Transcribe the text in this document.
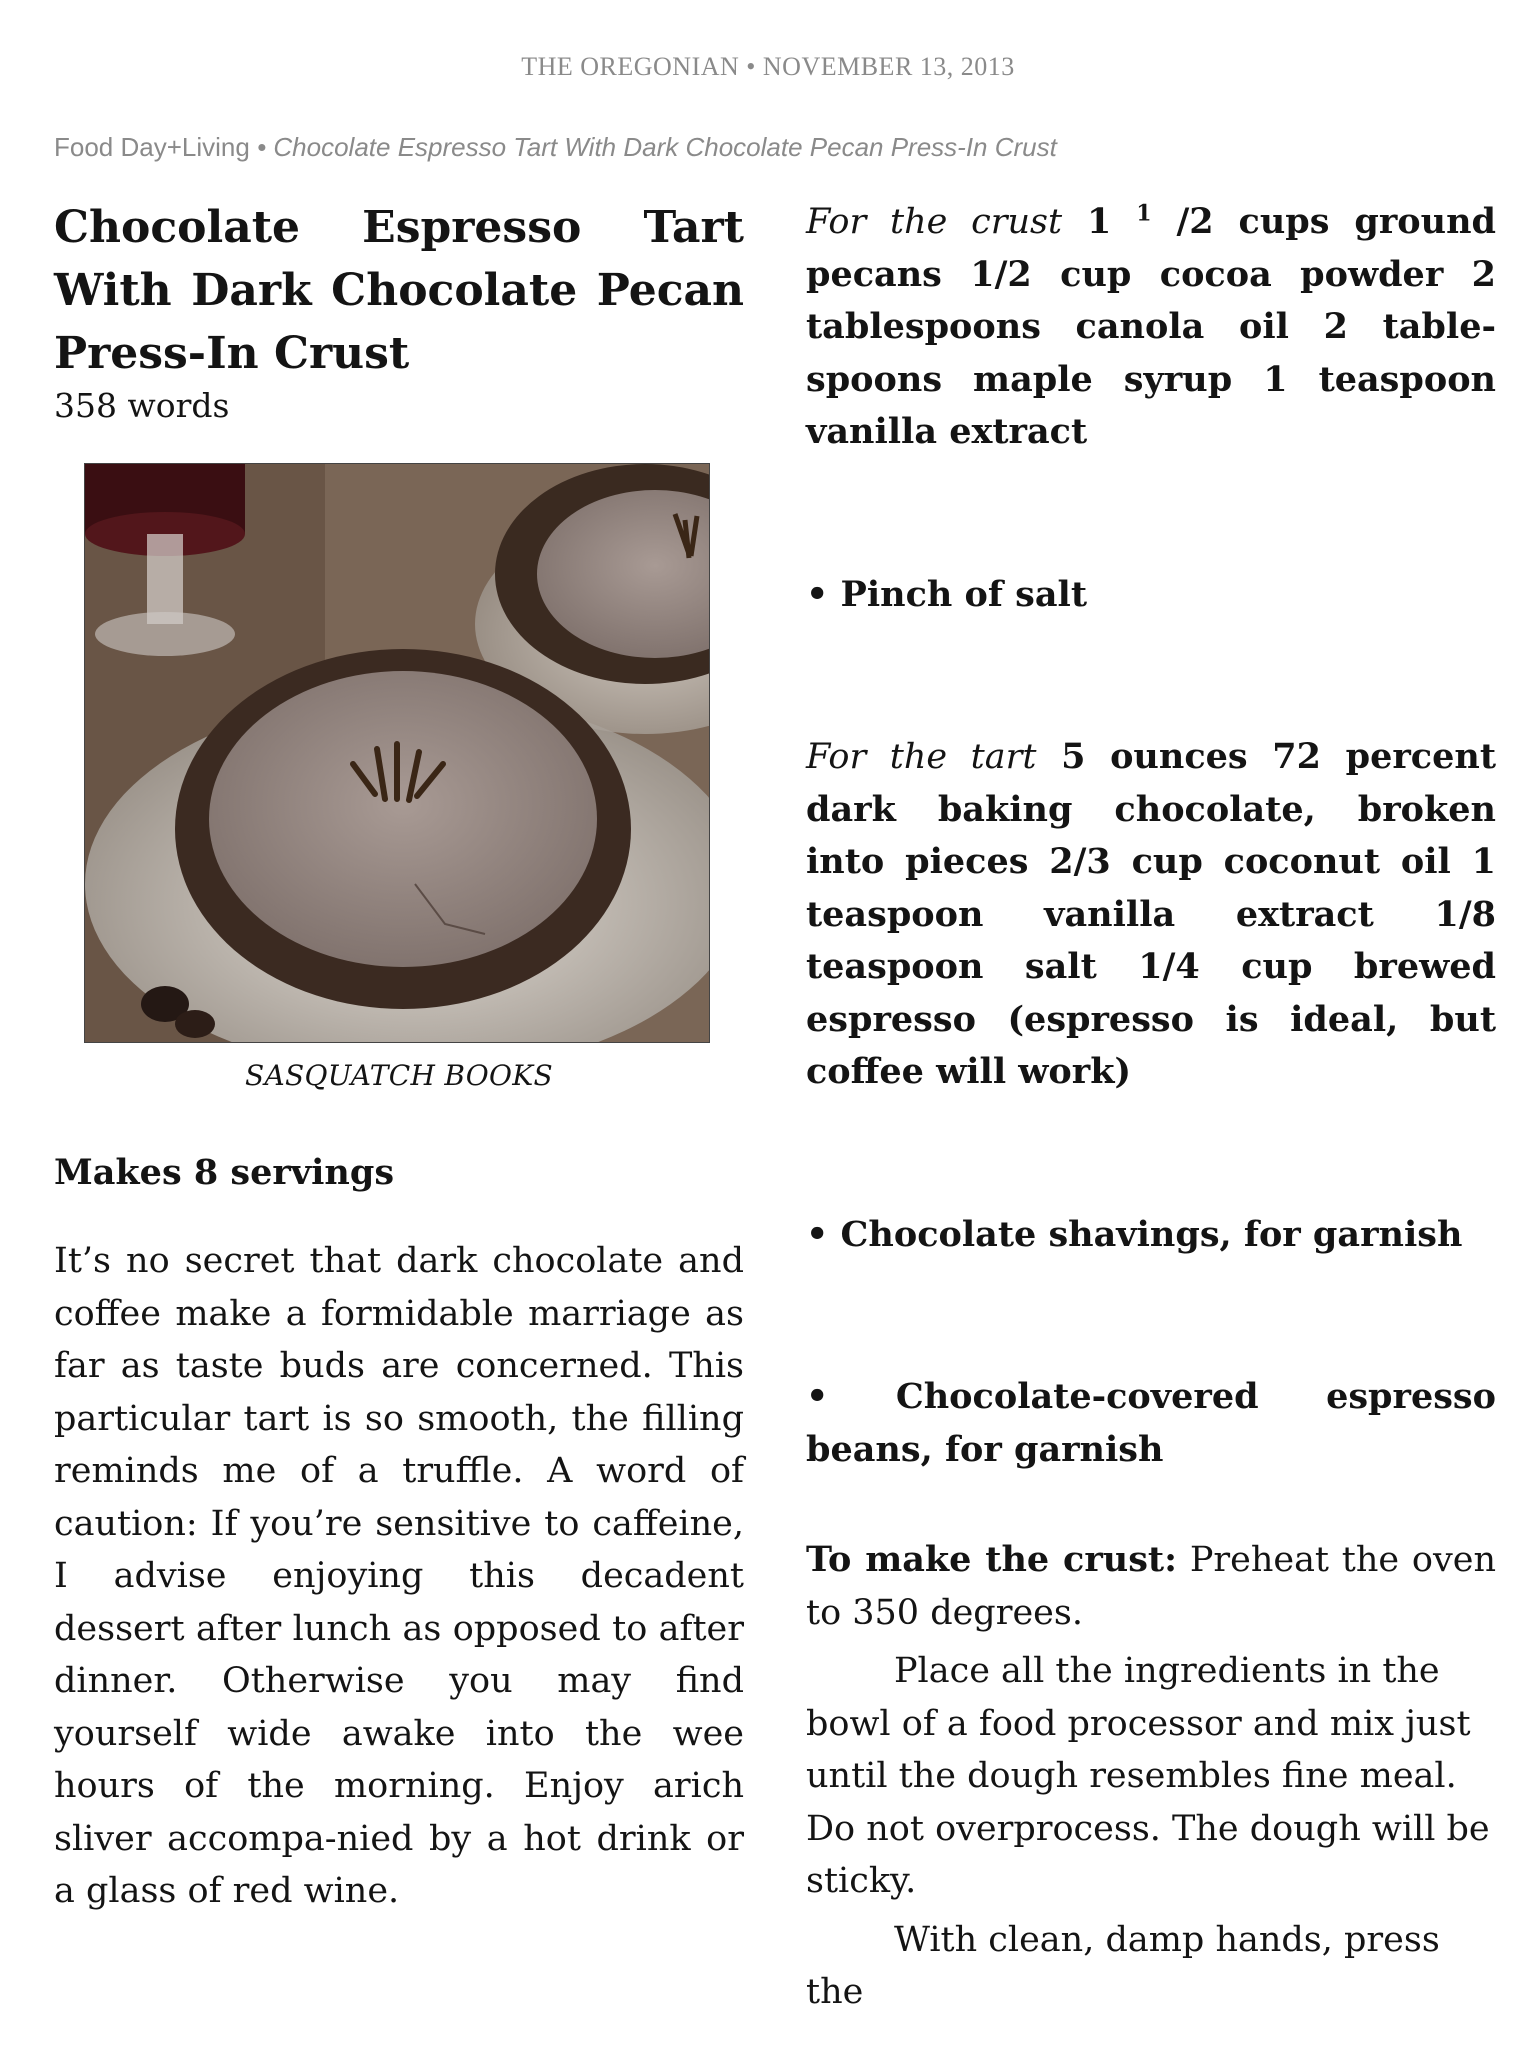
THE OREGONIAN • NOVEMBER 13, 2013
Food Day+Living • Chocolate Espresso Tart With Dark Chocolate Pecan Press-In Crust
Chocolate Espresso Tart With Dark Chocolate Pecan Press-In Crust

358 words

SASQUATCH BOOKS

Makes 8 servings

It’s no secret that dark chocolate and coffee make a formidable marriage as far as taste buds are concerned. This particular tart is so smooth, the filling reminds me of a truffle. A word of caution: If you’re sensitive to caffeine, I advise enjoying this decadent dessert after lunch as opposed to after dinner. Otherwise you may find yourself wide awake into the wee hours of the morning. Enjoy arich sliver accompa-nied by a hot drink or a glass of red wine.

For the crust 1 $^1$ /2 cups ground pecans 1/2 cup cocoa powder 2 tablespoons canola oil 2 table-spoons maple syrup 1 teaspoon vanilla extract

• Pinch of salt

For the tart 5 ounces 72 percent dark baking chocolate, broken into pieces 2/3 cup coconut oil 1 teaspoon vanilla extract 1/8 teaspoon salt 1/4 cup brewed espresso (espresso is ideal, but coffee will work)

• Chocolate shavings, for garnish

• Chocolate-covered espresso beans, for garnish

To make the crust: Preheat the oven to 350 degrees.

Place all the ingredients in the bowl of a food processor and mix just until the dough resembles fine meal. Do not overprocess. The dough will be sticky.

With clean, damp hands, press the
